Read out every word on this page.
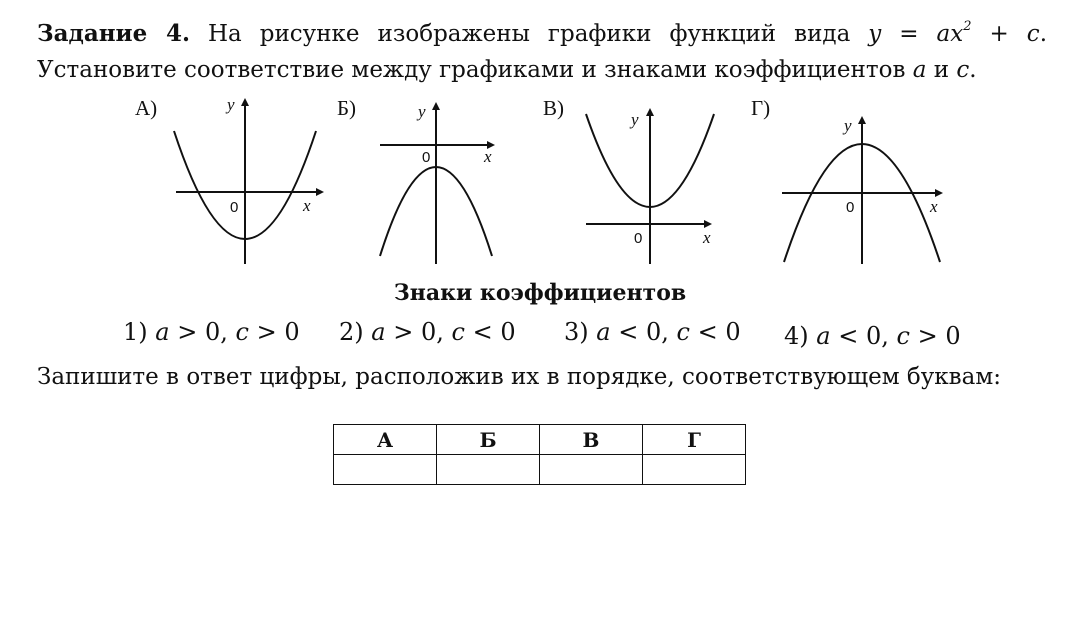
Задание 4. На рисунке изображены графики функций вида $y = ax^2 + c$. Установите соответствие между графиками и знаками коэффициентов a и c.
А)	y
x
0
Б)	y
x
0
В)	y
x
0
Г)
y
x
0
Знаки коэффициентов
1) a > 0, c > 0 2) a > 0, c < 0 3) a < 0, c < 0 4) a < 0, c > 0
Запишите в ответ цифры, расположив их в порядке, соответствующем буквам:
А	Б	В	Г
